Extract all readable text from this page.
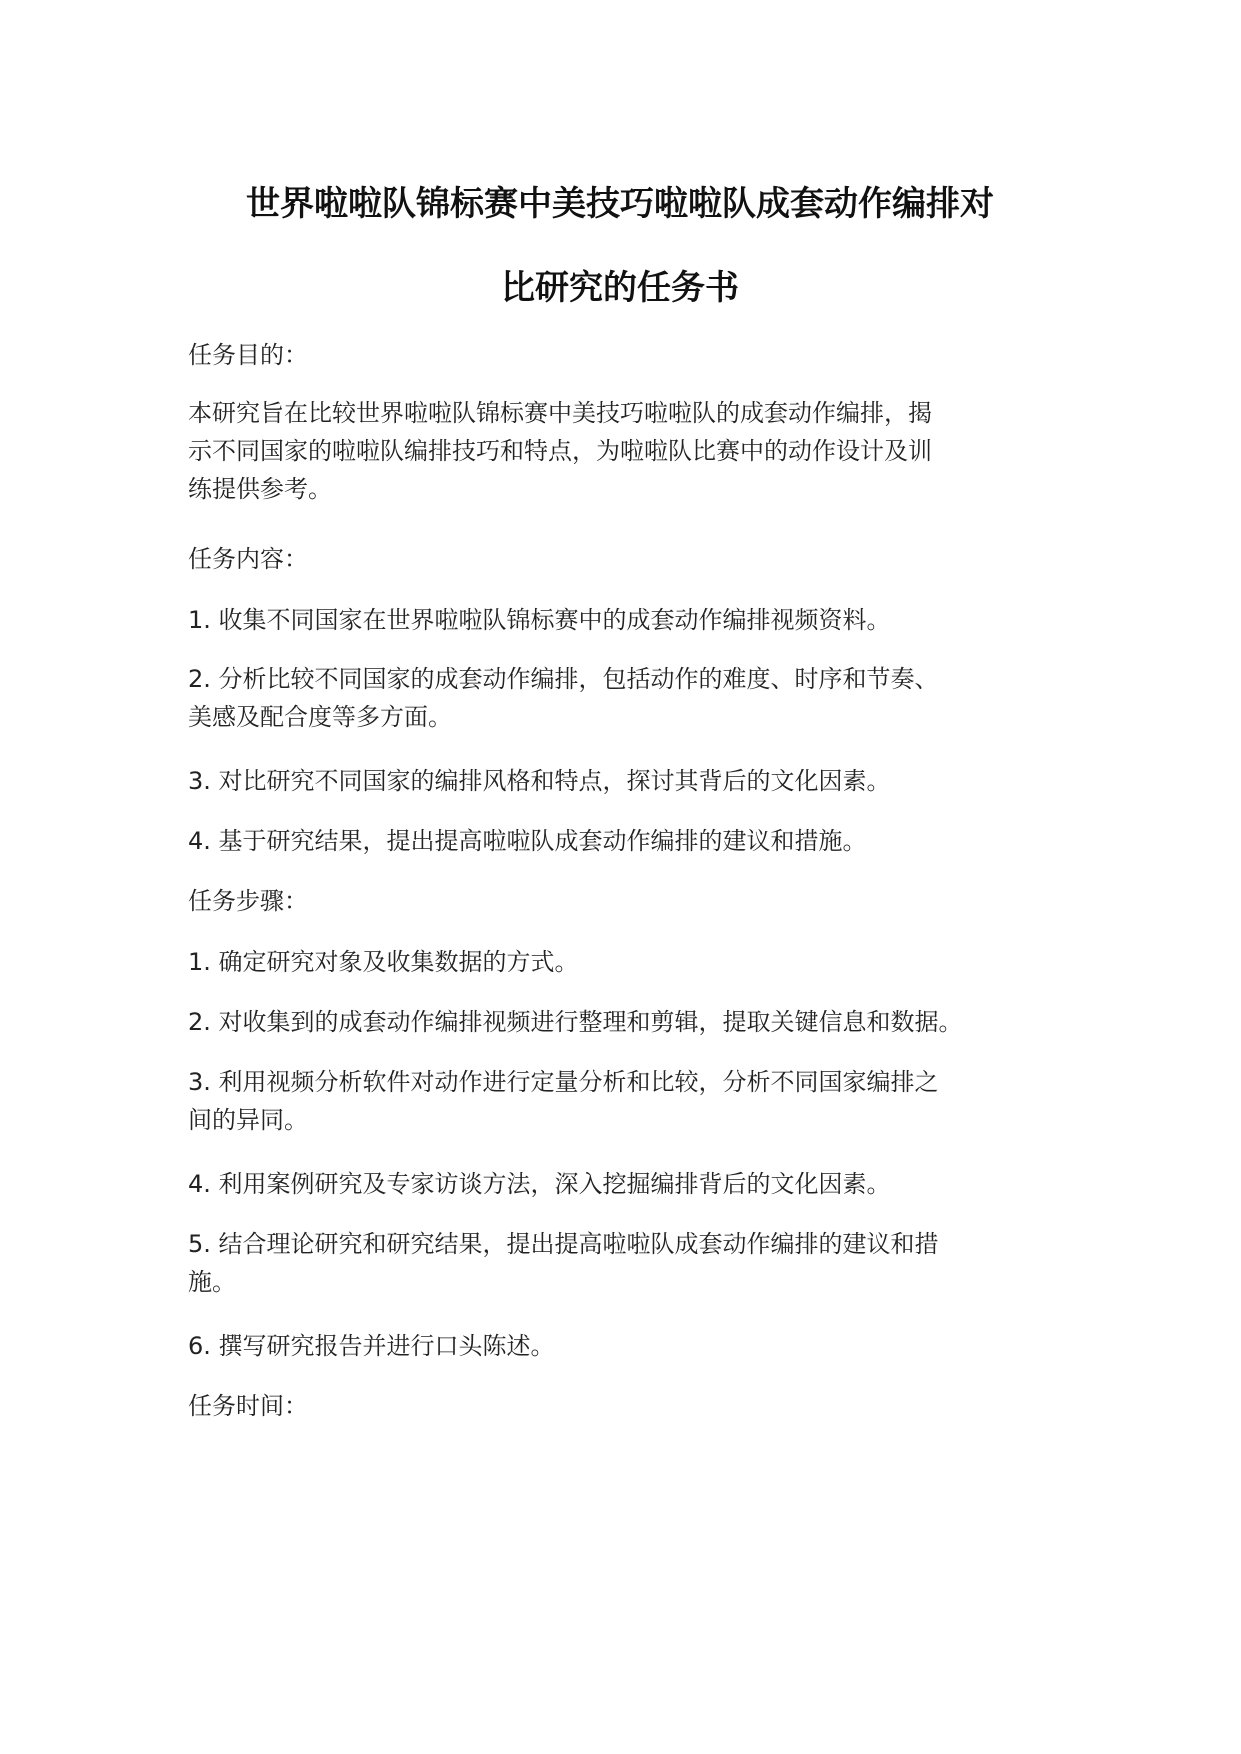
世界啦啦队锦标赛中美技巧啦啦队成套动作编排对
比研究的任务书
任务目的：
本研究旨在比较世界啦啦队锦标赛中美技巧啦啦队的成套动作编排，揭
示不同国家的啦啦队编排技巧和特点，为啦啦队比赛中的动作设计及训
练提供参考。
任务内容：
1. 收集不同国家在世界啦啦队锦标赛中的成套动作编排视频资料。
2. 分析比较不同国家的成套动作编排，包括动作的难度、时序和节奏、
美感及配合度等多方面。
3. 对比研究不同国家的编排风格和特点，探讨其背后的文化因素。
4. 基于研究结果，提出提高啦啦队成套动作编排的建议和措施。
任务步骤：
1. 确定研究对象及收集数据的方式。
2. 对收集到的成套动作编排视频进行整理和剪辑，提取关键信息和数据。
3. 利用视频分析软件对动作进行定量分析和比较，分析不同国家编排之
间的异同。
4. 利用案例研究及专家访谈方法，深入挖掘编排背后的文化因素。
5. 结合理论研究和研究结果，提出提高啦啦队成套动作编排的建议和措
施。
6. 撰写研究报告并进行口头陈述。
任务时间：
